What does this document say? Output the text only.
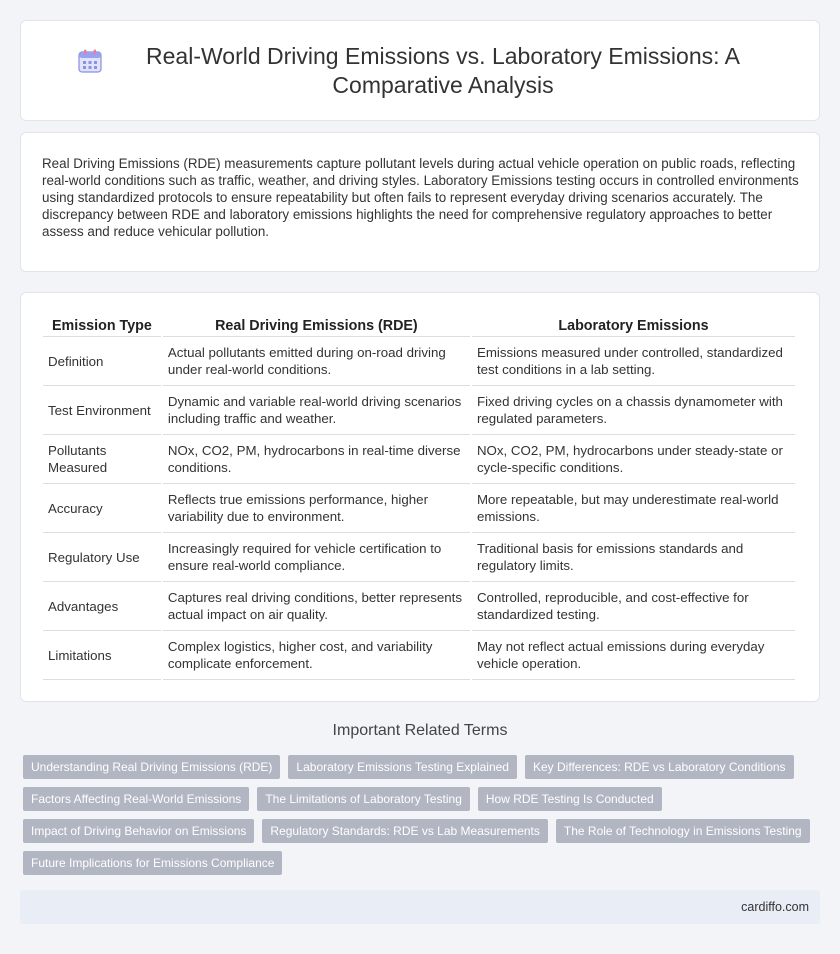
Real-World Driving Emissions vs. Laboratory Emissions: A Comparative Analysis

Real Driving Emissions (RDE) measurements capture pollutant levels during actual vehicle operation on public roads, reflecting real-world conditions such as traffic, weather, and driving styles. Laboratory Emissions testing occurs in controlled environments using standardized protocols to ensure repeatability but often fails to represent everyday driving scenarios accurately. The discrepancy between RDE and laboratory emissions highlights the need for comprehensive regulatory approaches to better assess and reduce vehicular pollution.

Emission Type	Real Driving Emissions (RDE)	Laboratory Emissions
Definition	Actual pollutants emitted during on-road driving under real-world conditions.	Emissions measured under controlled, standardized test conditions in a lab setting.
Test Environment	Dynamic and variable real-world driving scenarios including traffic and weather.	Fixed driving cycles on a chassis dynamometer with regulated parameters.
Pollutants Measured	NOx, CO2, PM, hydrocarbons in real-time diverse conditions.	NOx, CO2, PM, hydrocarbons under steady-state or cycle-specific conditions.
Accuracy	Reflects true emissions performance, higher variability due to environment.	More repeatable, but may underestimate real-world emissions.
Regulatory Use	Increasingly required for vehicle certification to ensure real-world compliance.	Traditional basis for emissions standards and regulatory limits.
Advantages	Captures real driving conditions, better represents actual impact on air quality.	Controlled, reproducible, and cost-effective for standardized testing.
Limitations	Complex logistics, higher cost, and variability complicate enforcement.	May not reflect actual emissions during everyday vehicle operation.
Important Related Terms
Understanding Real Driving Emissions (RDE)	Laboratory Emissions Testing Explained	Key Differences: RDE vs Laboratory Conditions
Factors Affecting Real-World Emissions	The Limitations of Laboratory Testing	How RDE Testing Is Conducted
Impact of Driving Behavior on Emissions	Regulatory Standards: RDE vs Lab Measurements	The Role of Technology in Emissions Testing
Future Implications for Emissions Compliance
cardiffo.com
